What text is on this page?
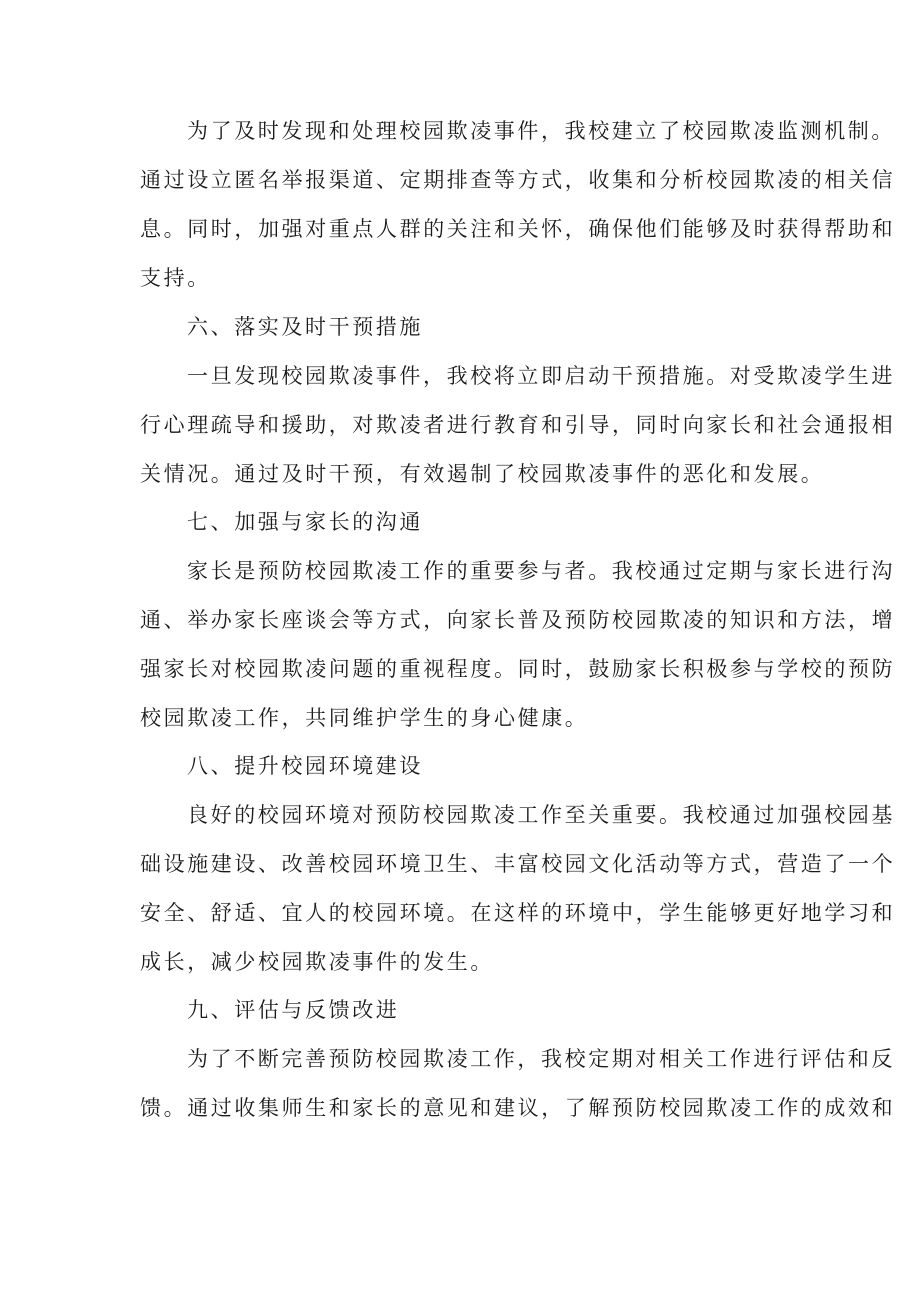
为了及时发现和处理校园欺凌事件，我校建立了校园欺凌监测机制。
通过设立匿名举报渠道、定期排查等方式，收集和分析校园欺凌的相关信
息。同时，加强对重点人群的关注和关怀，确保他们能够及时获得帮助和
支持。
六、落实及时干预措施
一旦发现校园欺凌事件，我校将立即启动干预措施。对受欺凌学生进
行心理疏导和援助，对欺凌者进行教育和引导，同时向家长和社会通报相
关情况。通过及时干预，有效遏制了校园欺凌事件的恶化和发展。
七、加强与家长的沟通
家长是预防校园欺凌工作的重要参与者。我校通过定期与家长进行沟
通、举办家长座谈会等方式，向家长普及预防校园欺凌的知识和方法，增
强家长对校园欺凌问题的重视程度。同时，鼓励家长积极参与学校的预防
校园欺凌工作，共同维护学生的身心健康。
八、提升校园环境建设
良好的校园环境对预防校园欺凌工作至关重要。我校通过加强校园基
础设施建设、改善校园环境卫生、丰富校园文化活动等方式，营造了一个
安全、舒适、宜人的校园环境。在这样的环境中，学生能够更好地学习和
成长，减少校园欺凌事件的发生。
九、评估与反馈改进
为了不断完善预防校园欺凌工作，我校定期对相关工作进行评估和反
馈。通过收集师生和家长的意见和建议，了解预防校园欺凌工作的成效和
